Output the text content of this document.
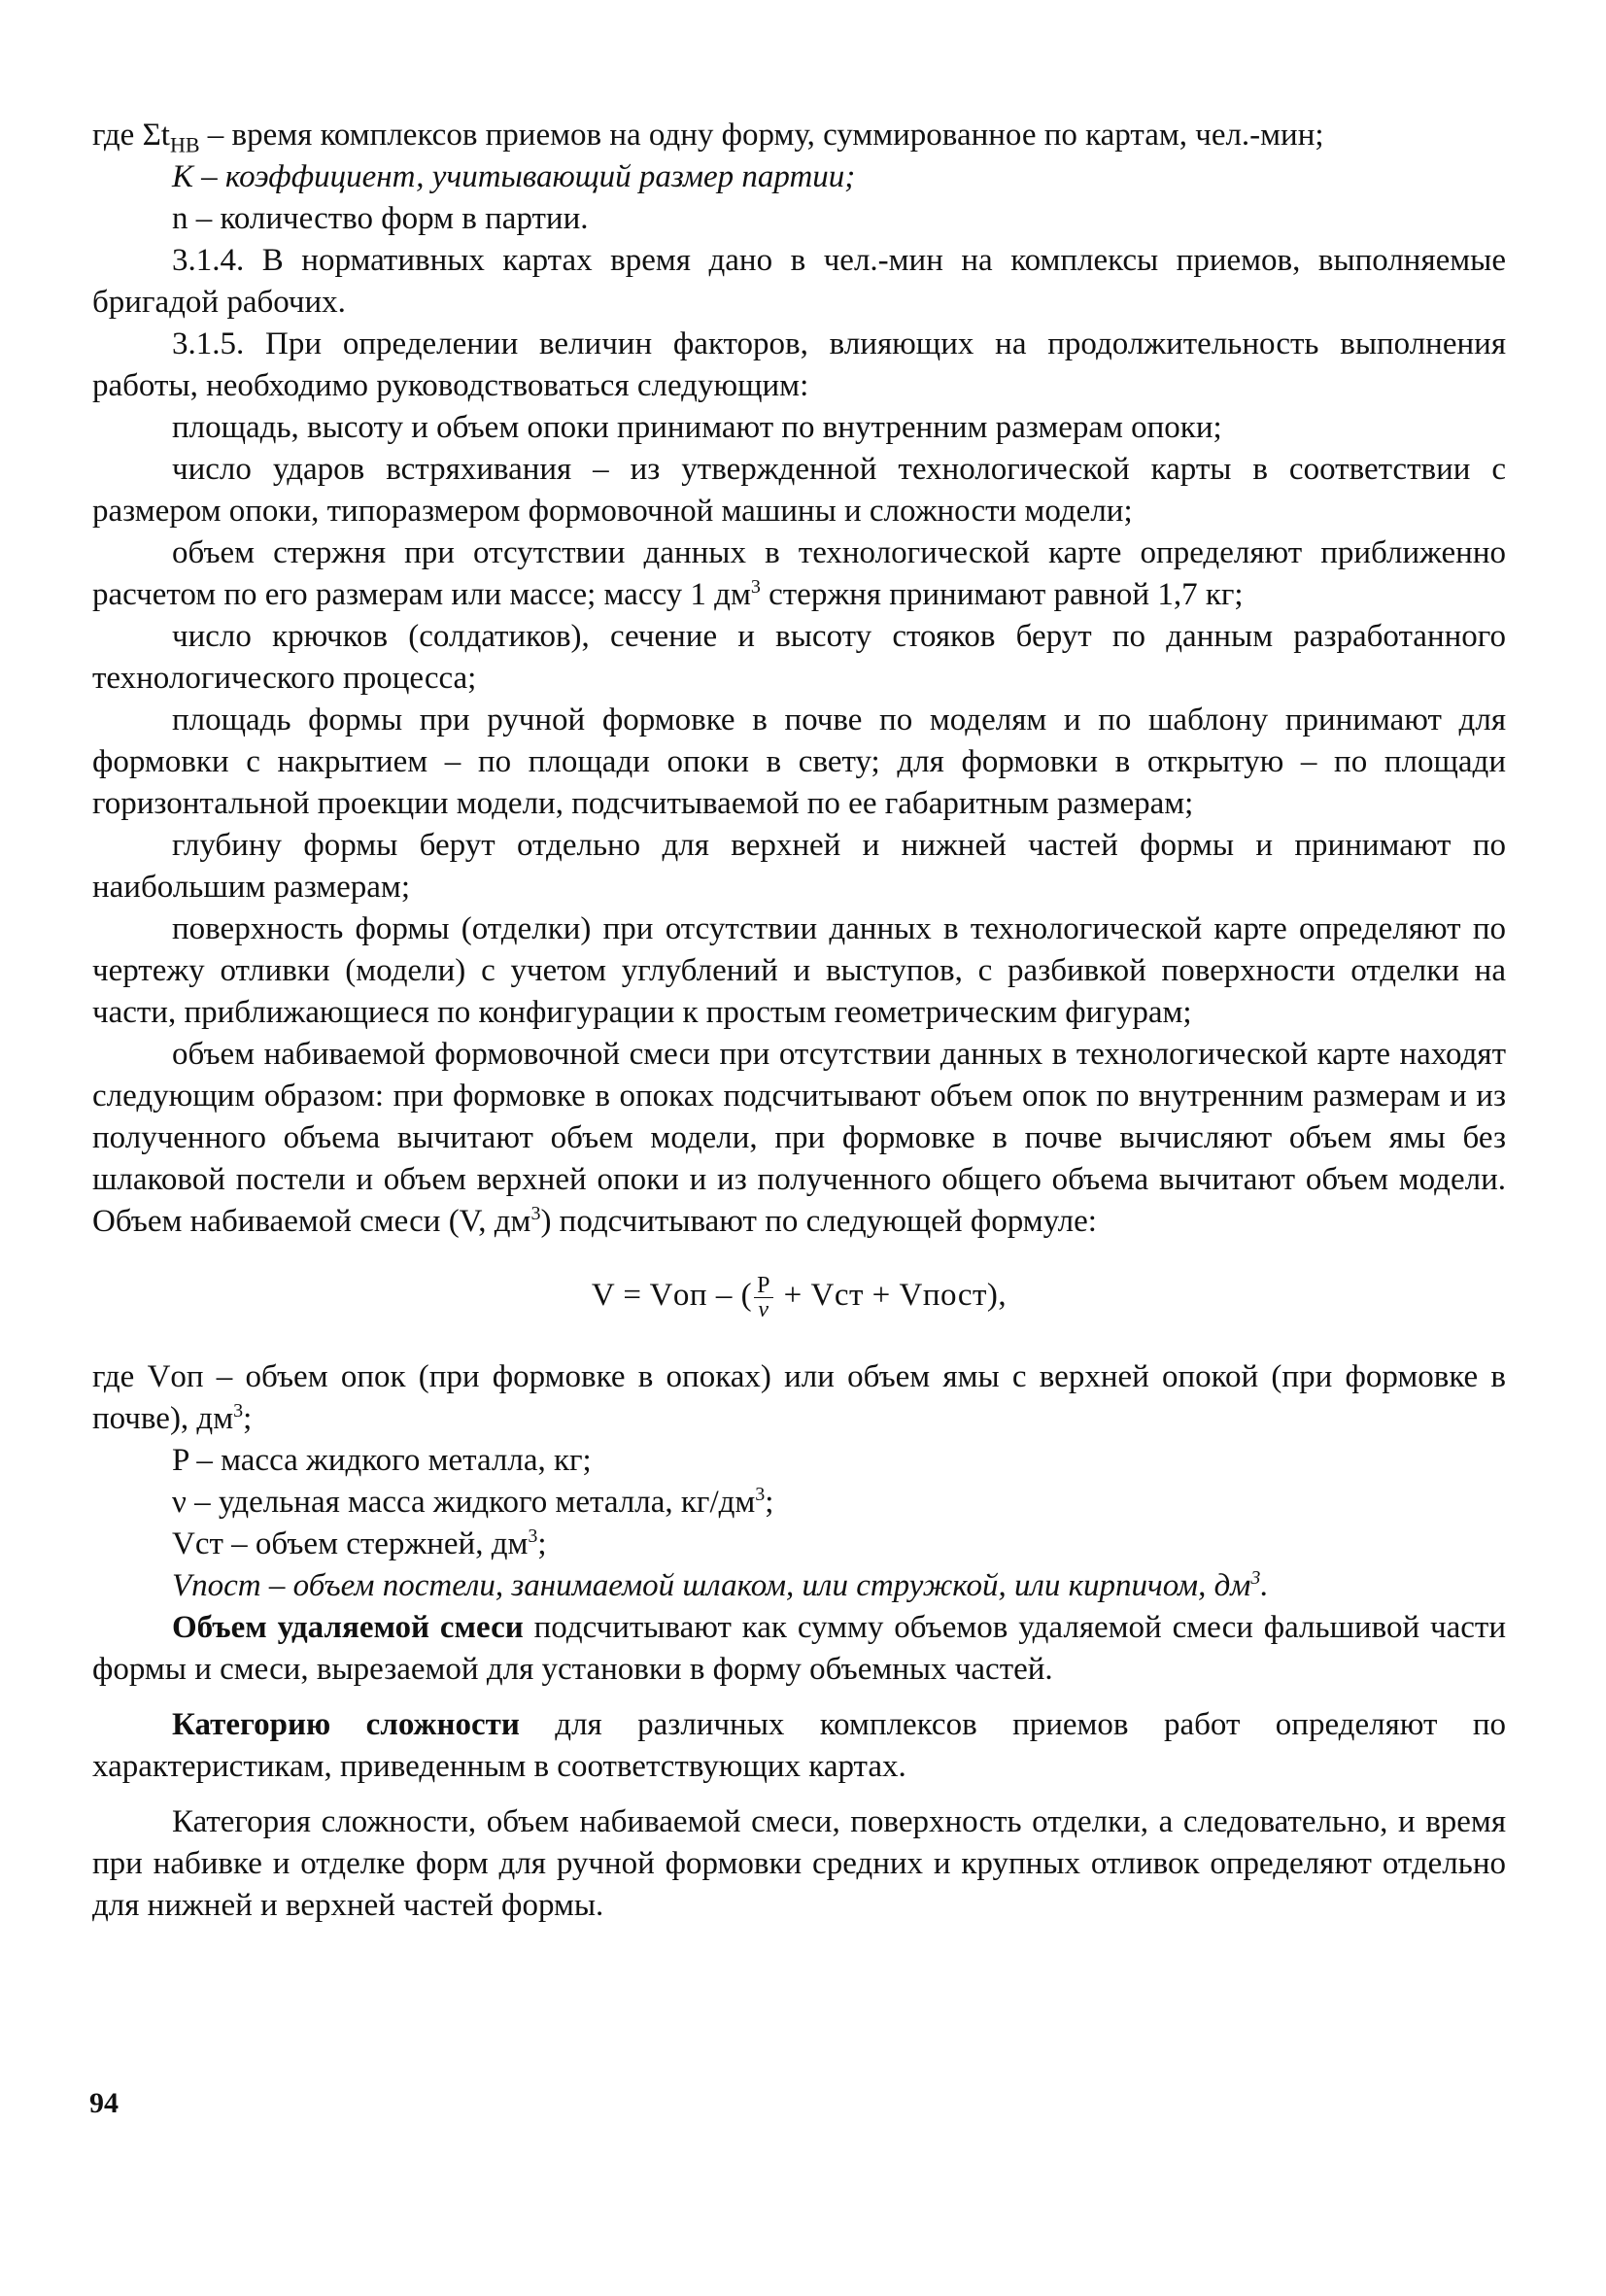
где $\Sigma t_{НВ}$ – время комплексов приемов на одну форму, суммированное по картам, чел.-мин;

К – коэффициент, учитывающий размер партии;

n – количество форм в партии.

3.1.4. В нормативных картах время дано в чел.-мин на комплексы приемов, выполняемые бригадой рабочих.

3.1.5. При определении величин факторов, влияющих на продолжительность выполнения работы, необходимо руководствоваться следующим:

площадь, высоту и объем опоки принимают по внутренним размерам опоки;

число ударов встряхивания – из утвержденной технологической карты в соответствии с размером опоки, типоразмером формовочной машины и сложности модели;

объем стержня при отсутствии данных в технологической карте определяют приближенно расчетом по его размерам или массе; массу 1 $дм^3$ стержня принимают равной 1,7 кг;

число крючков (солдатиков), сечение и высоту стояков берут по данным разработанного технологического процесса;

площадь формы при ручной формовке в почве по моделям и по шаблону принимают для формовки с накрытием – по площади опоки в свету; для формовки в открытую – по площади горизонтальной проекции модели, подсчитываемой по ее габаритным размерам;

глубину формы берут отдельно для верхней и нижней частей формы и принимают по наибольшим размерам;

поверхность формы (отделки) при отсутствии данных в технологической карте определяют по чертежу отливки (модели) с учетом углублений и выступов, с разбивкой поверхности отделки на части, приближающиеся по конфигурации к простым геометрическим фигурам;

объем набиваемой формовочной смеси при отсутствии данных в технологической карте находят следующим образом: при формовке в опоках подсчитывают объем опок по внутренним размерам и из полученного объема вычитают объем модели, при формовке в почве вычисляют объем ямы без шлаковой постели и объем верхней опоки и из полученного общего объема вычитают объем модели. Объем набиваемой смеси (V, $дм^3$) подсчитывают по следующей формуле:

V = Vоп – ( $\frac{P}{\nu}$ + Vст + Vпост),

где Vоп – объем опок (при формовке в опоках) или объем ямы с верхней опокой (при формовке в почве), $дм^3$;

P – масса жидкого металла, кг;

ν – удельная масса жидкого металла, $кг/дм^3$;

Vст – объем стержней, $дм^3$;

Vпост – объем постели, занимаемой шлаком, или стружкой, или кирпичом, $дм^3$.

Объем удаляемой смеси подсчитывают как сумму объемов удаляемой смеси фальшивой части формы и смеси, вырезаемой для установки в форму объемных частей.

Категорию сложности для различных комплексов приемов работ определяют по характеристикам, приведенным в соответствующих картах.

Категория сложности, объем набиваемой смеси, поверхность отделки, а следовательно, и время при набивке и отделке форм для ручной формовки средних и крупных отливок определяют отдельно для нижней и верхней частей формы.

94
